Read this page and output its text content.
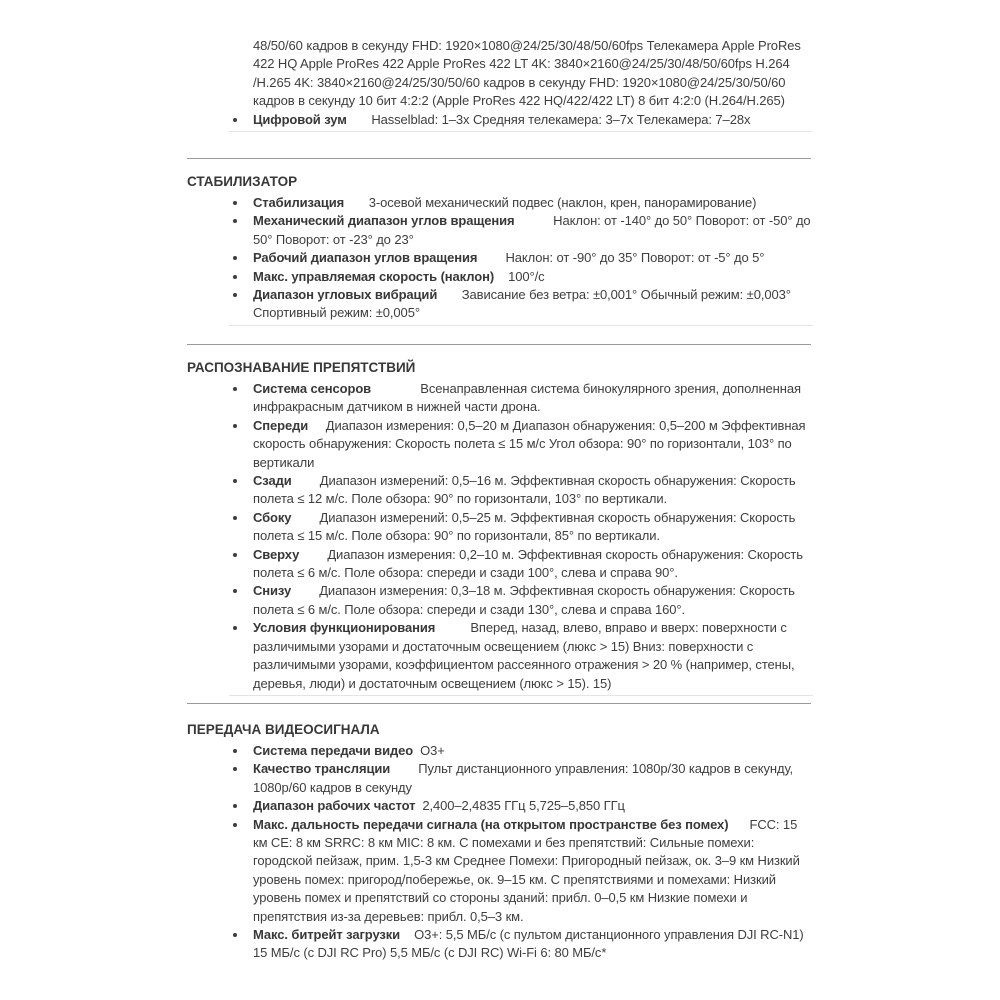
48/50/60 кадров в секунду FHD: 1920×1080@24/25/30/48/50/60fps Телекамера Apple ProRes 422 HQ Apple ProRes 422 Apple ProRes 422 LT 4K: 3840×2160@24/25/30/48/50/60fps H.264 /H.265 4K: 3840×2160@24/25/30/50/60 кадров в секунду FHD: 1920×1080@24/25/30/50/60 кадров в секунду 10 бит 4:2:2 (Apple ProRes 422 HQ/422/422 LT) 8 бит 4:2:0 (H.264/H.265)

Цифровой зум       Hasselblad: 1–3x Средняя телекамера: 3–7x Телекамера: 7–28x

СТАБИЛИЗАТОР

Стабилизация       3-осевой механический подвес (наклон, крен, панорамирование)

Механический диапазон углов вращения           Наклон: от -140° до 50° Поворот: от -50° до 50° Поворот: от -23° до 23°

Рабочий диапазон углов вращения        Наклон: от -90° до 35° Поворот: от -5° до 5°

Макс. управляемая скорость (наклон)    100°/с

Диапазон угловых вибраций       Зависание без ветра: ±0,001° Обычный режим: ±0,003° Спортивный режим: ±0,005°

РАСПОЗНАВАНИЕ ПРЕПЯТСТВИЙ

Система сенсоров              Всенаправленная система бинокулярного зрения, дополненная инфракрасным датчиком в нижней части дрона.

Спереди     Диапазон измерения: 0,5–20 м Диапазон обнаружения: 0,5–200 м Эффективная скорость обнаружения: Скорость полета ≤ 15 м/с Угол обзора: 90° по горизонтали, 103° по вертикали

Сзади        Диапазон измерений: 0,5–16 м. Эффективная скорость обнаружения: Скорость полета ≤ 12 м/с. Поле обзора: 90° по горизонтали, 103° по вертикали.

Сбоку        Диапазон измерений: 0,5–25 м. Эффективная скорость обнаружения: Скорость полета ≤ 15 м/с. Поле обзора: 90° по горизонтали, 85° по вертикали.

Сверху        Диапазон измерения: 0,2–10 м. Эффективная скорость обнаружения: Скорость полета ≤ 6 м/с. Поле обзора: спереди и сзади 100°, слева и справа 90°.

Снизу        Диапазон измерения: 0,3–18 м. Эффективная скорость обнаружения: Скорость полета ≤ 6 м/с. Поле обзора: спереди и сзади 130°, слева и справа 160°.

Условия функционирования          Вперед, назад, влево, вправо и вверх: поверхности с различимыми узорами и достаточным освещением (люкс > 15) Вниз: поверхности с различимыми узорами, коэффициентом рассеянного отражения > 20 % (например, стены, деревья, люди) и достаточным освещением (люкс > 15). 15)

ПЕРЕДАЧА ВИДЕОСИГНАЛА

Система передачи видео  O3+

Качество трансляции        Пульт дистанционного управления: 1080p/30 кадров в секунду, 1080p/60 кадров в секунду

Диапазон рабочих частот  2,400–2,4835 ГГц 5,725–5,850 ГГц

Макс. дальность передачи сигнала (на открытом пространстве без помех)      FCC: 15 км CE: 8 км SRRC: 8 км MIC: 8 км. С помехами и без препятствий: Сильные помехи: городской пейзаж, прим. 1,5-3 км Среднее Помехи: Пригородный пейзаж, ок. 3–9 км Низкий уровень помех: пригород/побережье, ок. 9–15 км. С препятствиями и помехами: Низкий уровень помех и препятствий со стороны зданий: прибл. 0–0,5 км Низкие помехи и препятствия из-за деревьев: прибл. 0,5–3 км.

Макс. битрейт загрузки    O3+: 5,5 МБ/с (с пультом дистанционного управления DJI RC-N1) 15 МБ/с (с DJI RC Pro) 5,5 МБ/с (с DJI RC) Wi-Fi 6: 80 МБ/с*
